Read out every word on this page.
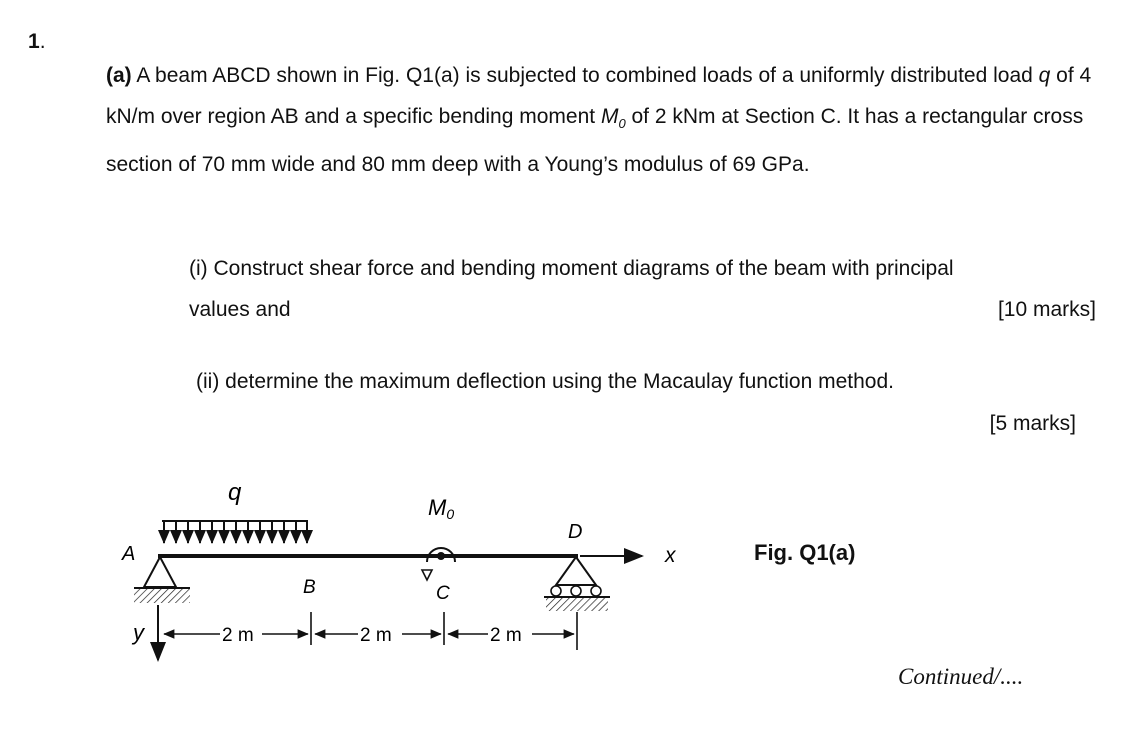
1.
(a) A beam ABCD shown in Fig. Q1(a) is subjected to combined loads of a uniformly distributed load q of 4 kN/m over region AB and a specific bending moment $M_0$ of 2 kNm at Section C. It has a rectangular cross section of 70 mm wide and 80 mm deep with a Young’s modulus of 69 GPa.
(i) Construct shear force and bending moment diagrams of the beam with principal
values and	[10 marks]
(ii) determine the maximum deflection using the Macaulay function method.
[5 marks]
q
x
A
D
M0
B	C
y	2 m	2 m	2 m
Fig. Q1(a)
Continued/....
